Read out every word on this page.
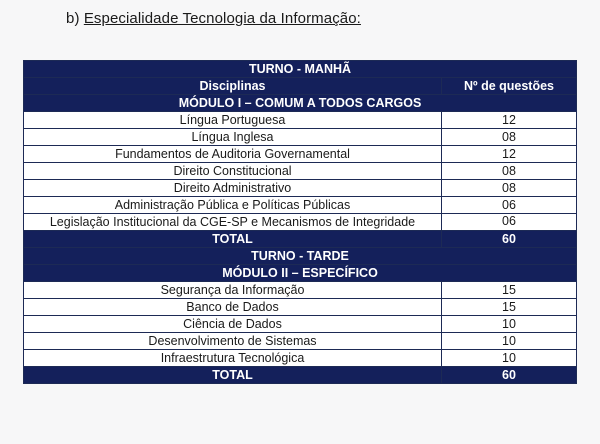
b) Especialidade Tecnologia da Informação:
TURNO - MANHÃ	
Disciplinas	Nº de questões
MÓDULO I – COMUM A TODOS CARGOS	
Língua Portuguesa	12
Língua Inglesa	08
Fundamentos de Auditoria Governamental	12
Direito Constitucional	08
Direito Administrativo	08
Administração Pública e Políticas Públicas	06
Legislação Institucional da CGE-SP e Mecanismos de Integridade	06
TOTAL	60
TURNO - TARDE	
MÓDULO II – ESPECÍFICO	
Segurança da Informação	15
Banco de Dados	15
Ciência de Dados	10
Desenvolvimento de Sistemas	10
Infraestrutura Tecnológica	10
TOTAL	60
